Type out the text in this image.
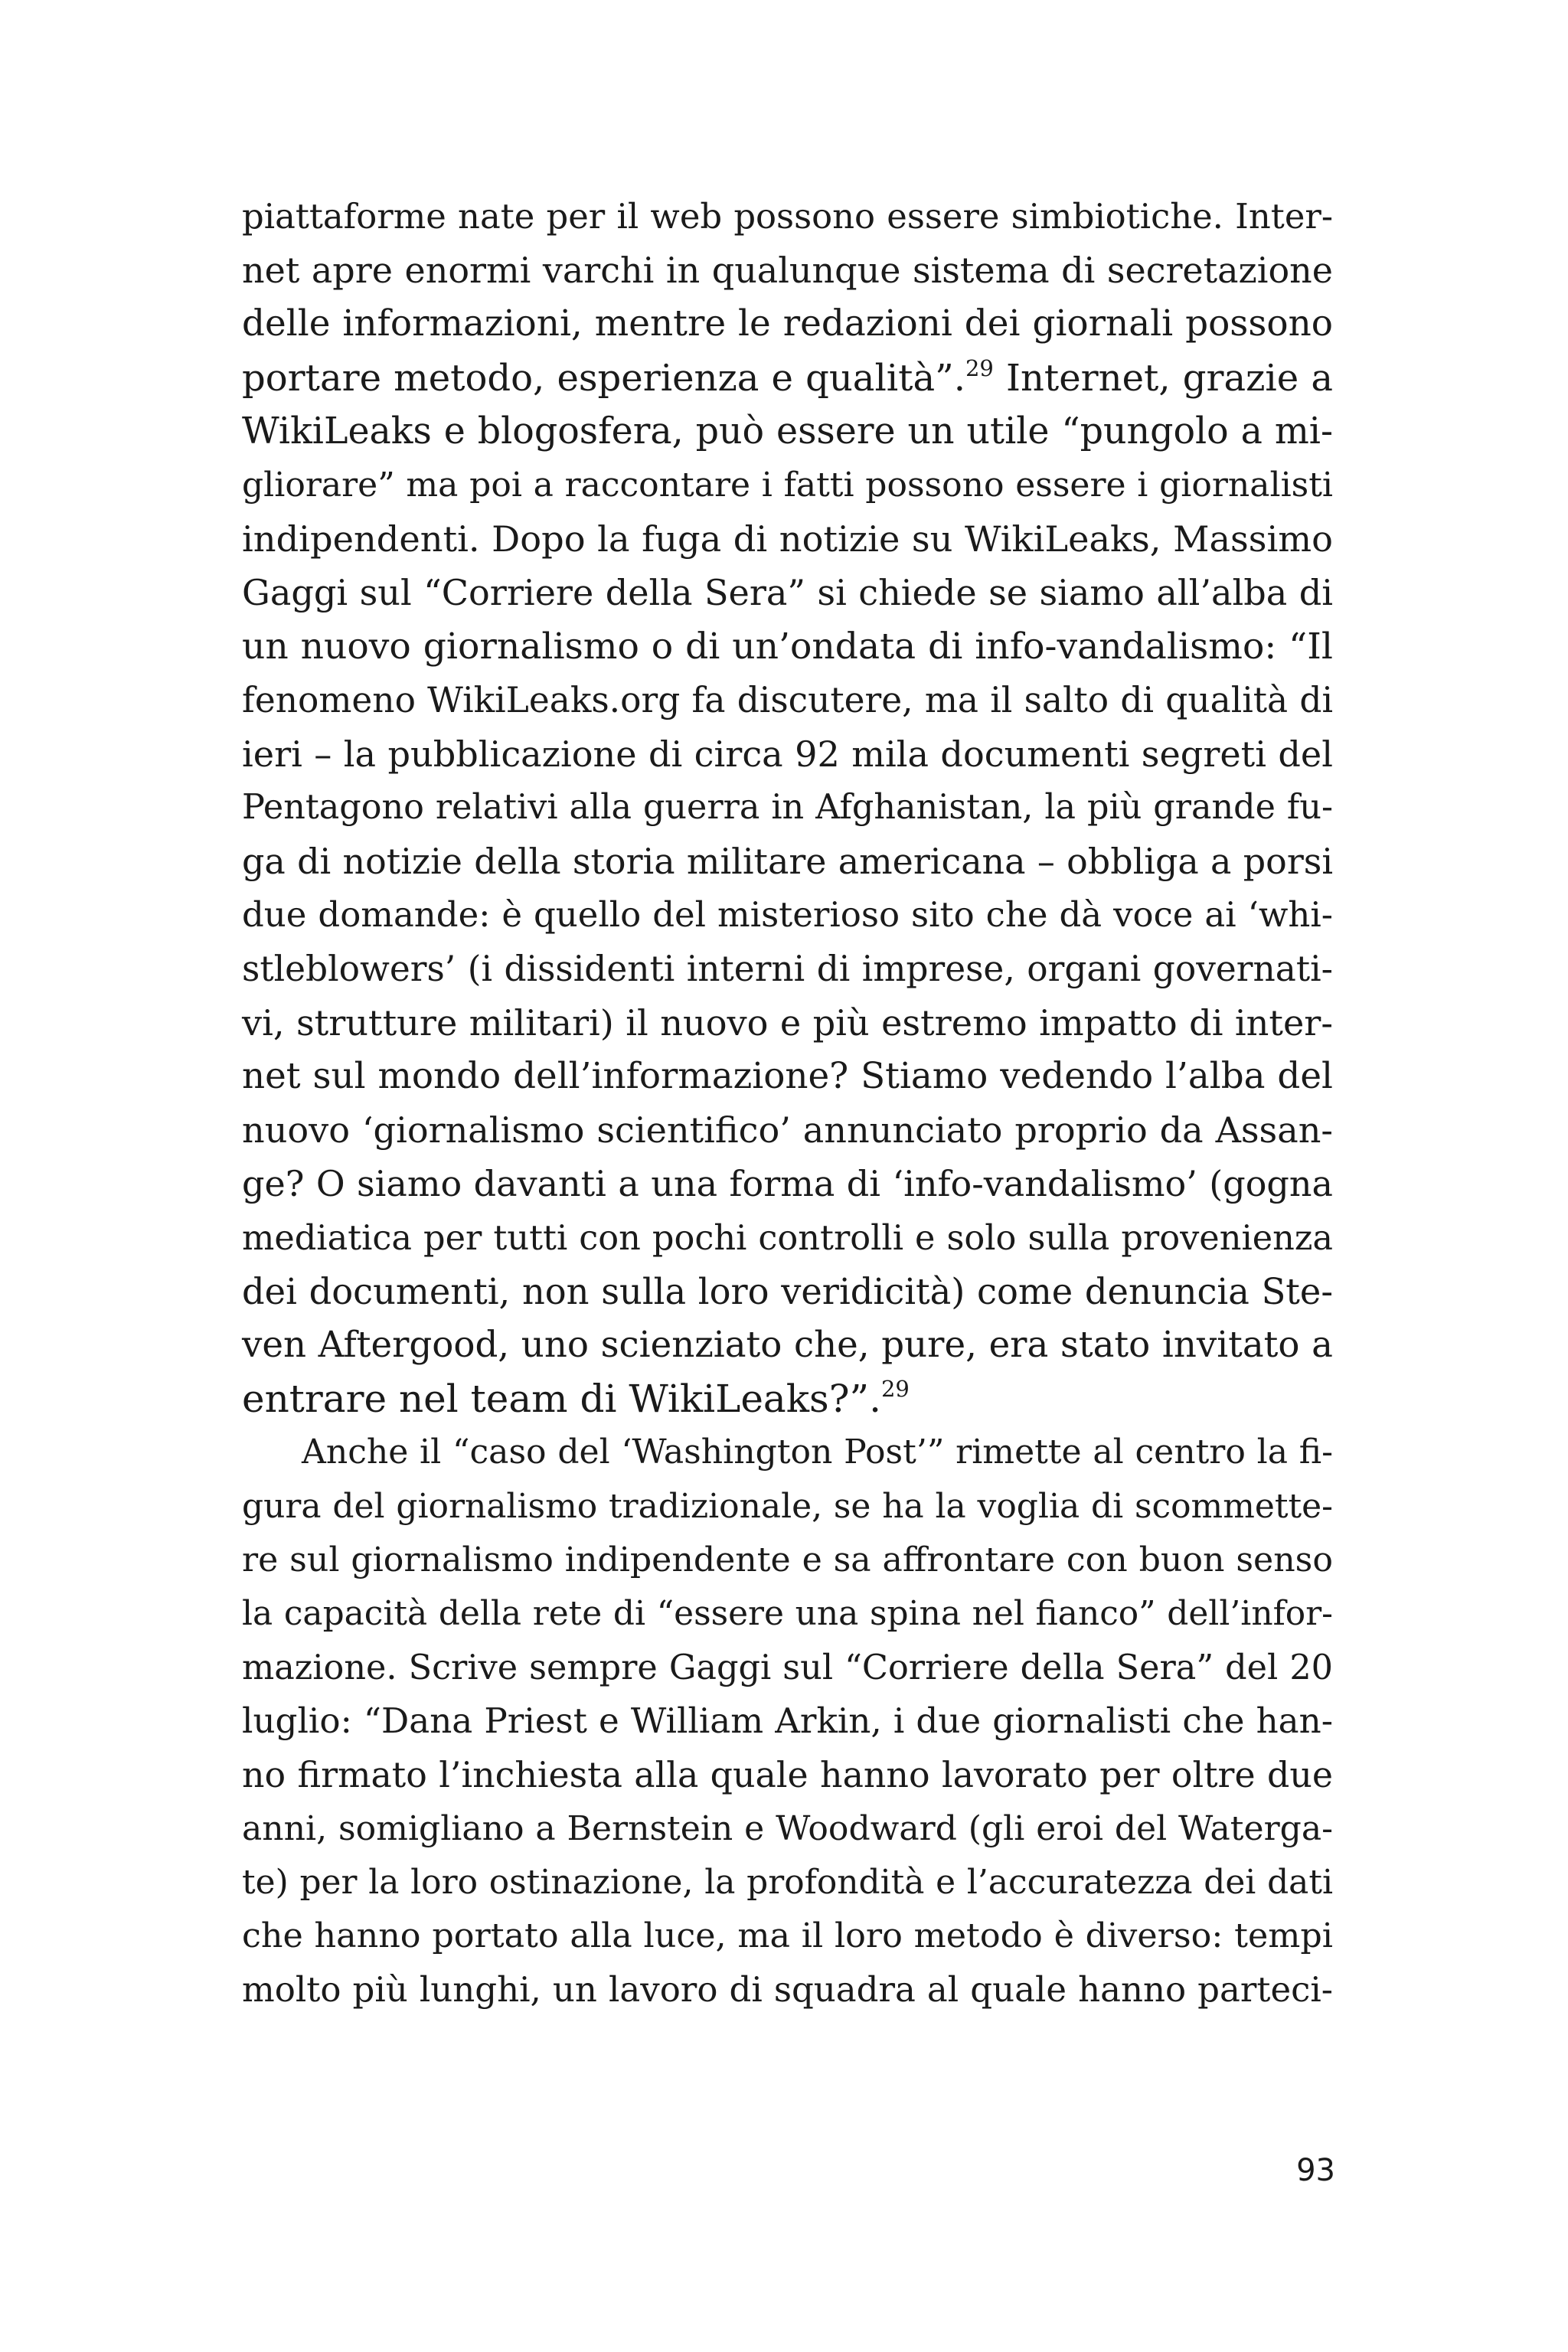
piattaforme nate per il web possono essere simbiotiche. Inter-
net apre enormi varchi in qualunque sistema di secretazione
delle informazioni, mentre le redazioni dei giornali possono
portare metodo, esperienza e qualità”.$^{29}$ Internet, grazie a
WikiLeaks e blogosfera, può essere un utile “pungolo a mi-
gliorare” ma poi a raccontare i fatti possono essere i giornalisti
indipendenti. Dopo la fuga di notizie su WikiLeaks, Massimo
Gaggi sul “Corriere della Sera” si chiede se siamo all’alba di
un nuovo giornalismo o di un’ondata di info-vandalismo: “Il
fenomeno WikiLeaks.org fa discutere, ma il salto di qualità di
ieri – la pubblicazione di circa 92 mila documenti segreti del
Pentagono relativi alla guerra in Afghanistan, la più grande fu-
ga di notizie della storia militare americana – obbliga a porsi
due domande: è quello del misterioso sito che dà voce ai ‘whi-
stleblowers’ (i dissidenti interni di imprese, organi governati-
vi, strutture militari) il nuovo e più estremo impatto di inter-
net sul mondo dell’informazione? Stiamo vedendo l’alba del
nuovo ‘giornalismo scientifico’ annunciato proprio da Assan-
ge? O siamo davanti a una forma di ‘info-vandalismo’ (gogna
mediatica per tutti con pochi controlli e solo sulla provenienza
dei documenti, non sulla loro veridicità) come denuncia Ste-
ven Aftergood, uno scienziato che, pure, era stato invitato a
entrare nel team di WikiLeaks?”.$^{29}$
Anche il “caso del ‘Washington Post’” rimette al centro la fi-
gura del giornalismo tradizionale, se ha la voglia di scommette-
re sul giornalismo indipendente e sa affrontare con buon senso
la capacità della rete di “essere una spina nel fianco” dell’infor-
mazione. Scrive sempre Gaggi sul “Corriere della Sera” del 20
luglio: “Dana Priest e William Arkin, i due giornalisti che han-
no firmato l’inchiesta alla quale hanno lavorato per oltre due
anni, somigliano a Bernstein e Woodward (gli eroi del Waterga-
te) per la loro ostinazione, la profondità e l’accuratezza dei dati
che hanno portato alla luce, ma il loro metodo è diverso: tempi
molto più lunghi, un lavoro di squadra al quale hanno parteci-
93
